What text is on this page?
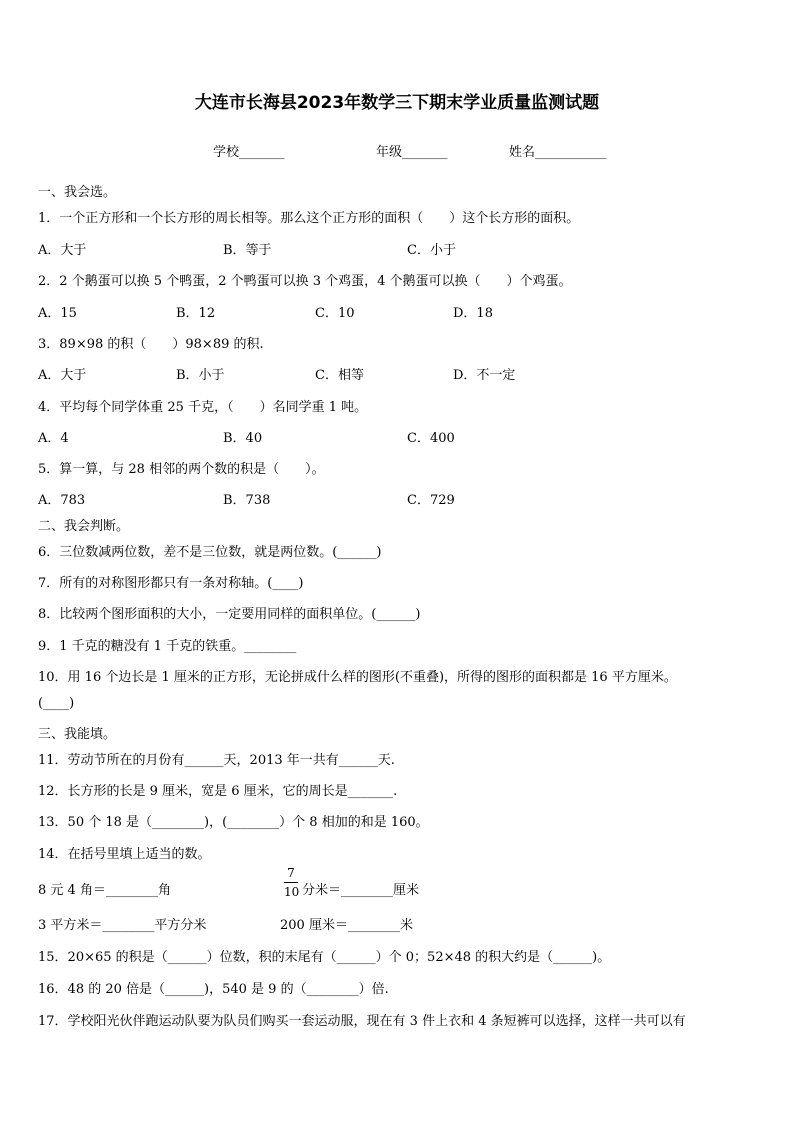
大连市长海县2023年数学三下期末学业质量监测试题
学校_______	年级_______	姓名___________
一、我会选。
1．一个正方形和一个长方形的周长相等。那么这个正方形的面积（　　）这个长方形的面积。
A．大于	B．等于	C．小于
2．2 个鹅蛋可以换 5 个鸭蛋，2 个鸭蛋可以换 3 个鸡蛋，4 个鹅蛋可以换（　　）个鸡蛋。
A．15	B．12	C．10	D．18
3．89×98 的积（　　）98×89 的积.
A．大于	B．小于	C．相等	D．不一定
4．平均每个同学体重 25 千克，（　　）名同学重 1 吨。
A．4	B．40	C．400
5．算一算，与 28 相邻的两个数的积是（　　）。
A．783	B．738	C．729
二、我会判断。
6．三位数减两位数，差不是三位数，就是两位数。(______)
7．所有的对称图形都只有一条对称轴。(____)
8．比较两个图形面积的大小，一定要用同样的面积单位。(______)
9．1 千克的糖没有 1 千克的铁重。________
10．用 16 个边长是 1 厘米的正方形，无论拼成什么样的图形(不重叠)，所得的图形的面积都是 16 平方厘米。
(____)
三、我能填。
11．劳动节所在的月份有______天，2013 年一共有______天.
12．长方形的长是 9 厘米，宽是 6 厘米，它的周长是_______.
13．50 个 18 是（________)，(________）个 8 相加的和是 160。
14．在括号里填上适当的数。
8 元 4 角＝________角
7
10 分米＝________厘米
3 平方米＝________平方分米	200 厘米＝________米
15．20×65 的积是（______）位数，积的末尾有（______）个 0；52×48 的积大约是（______)。
16．48 的 20 倍是（______)，540 是 9 的（________）倍.
17．学校阳光伙伴跑运动队要为队员们购买一套运动服，现在有 3 件上衣和 4 条短裤可以选择，这样一共可以有
